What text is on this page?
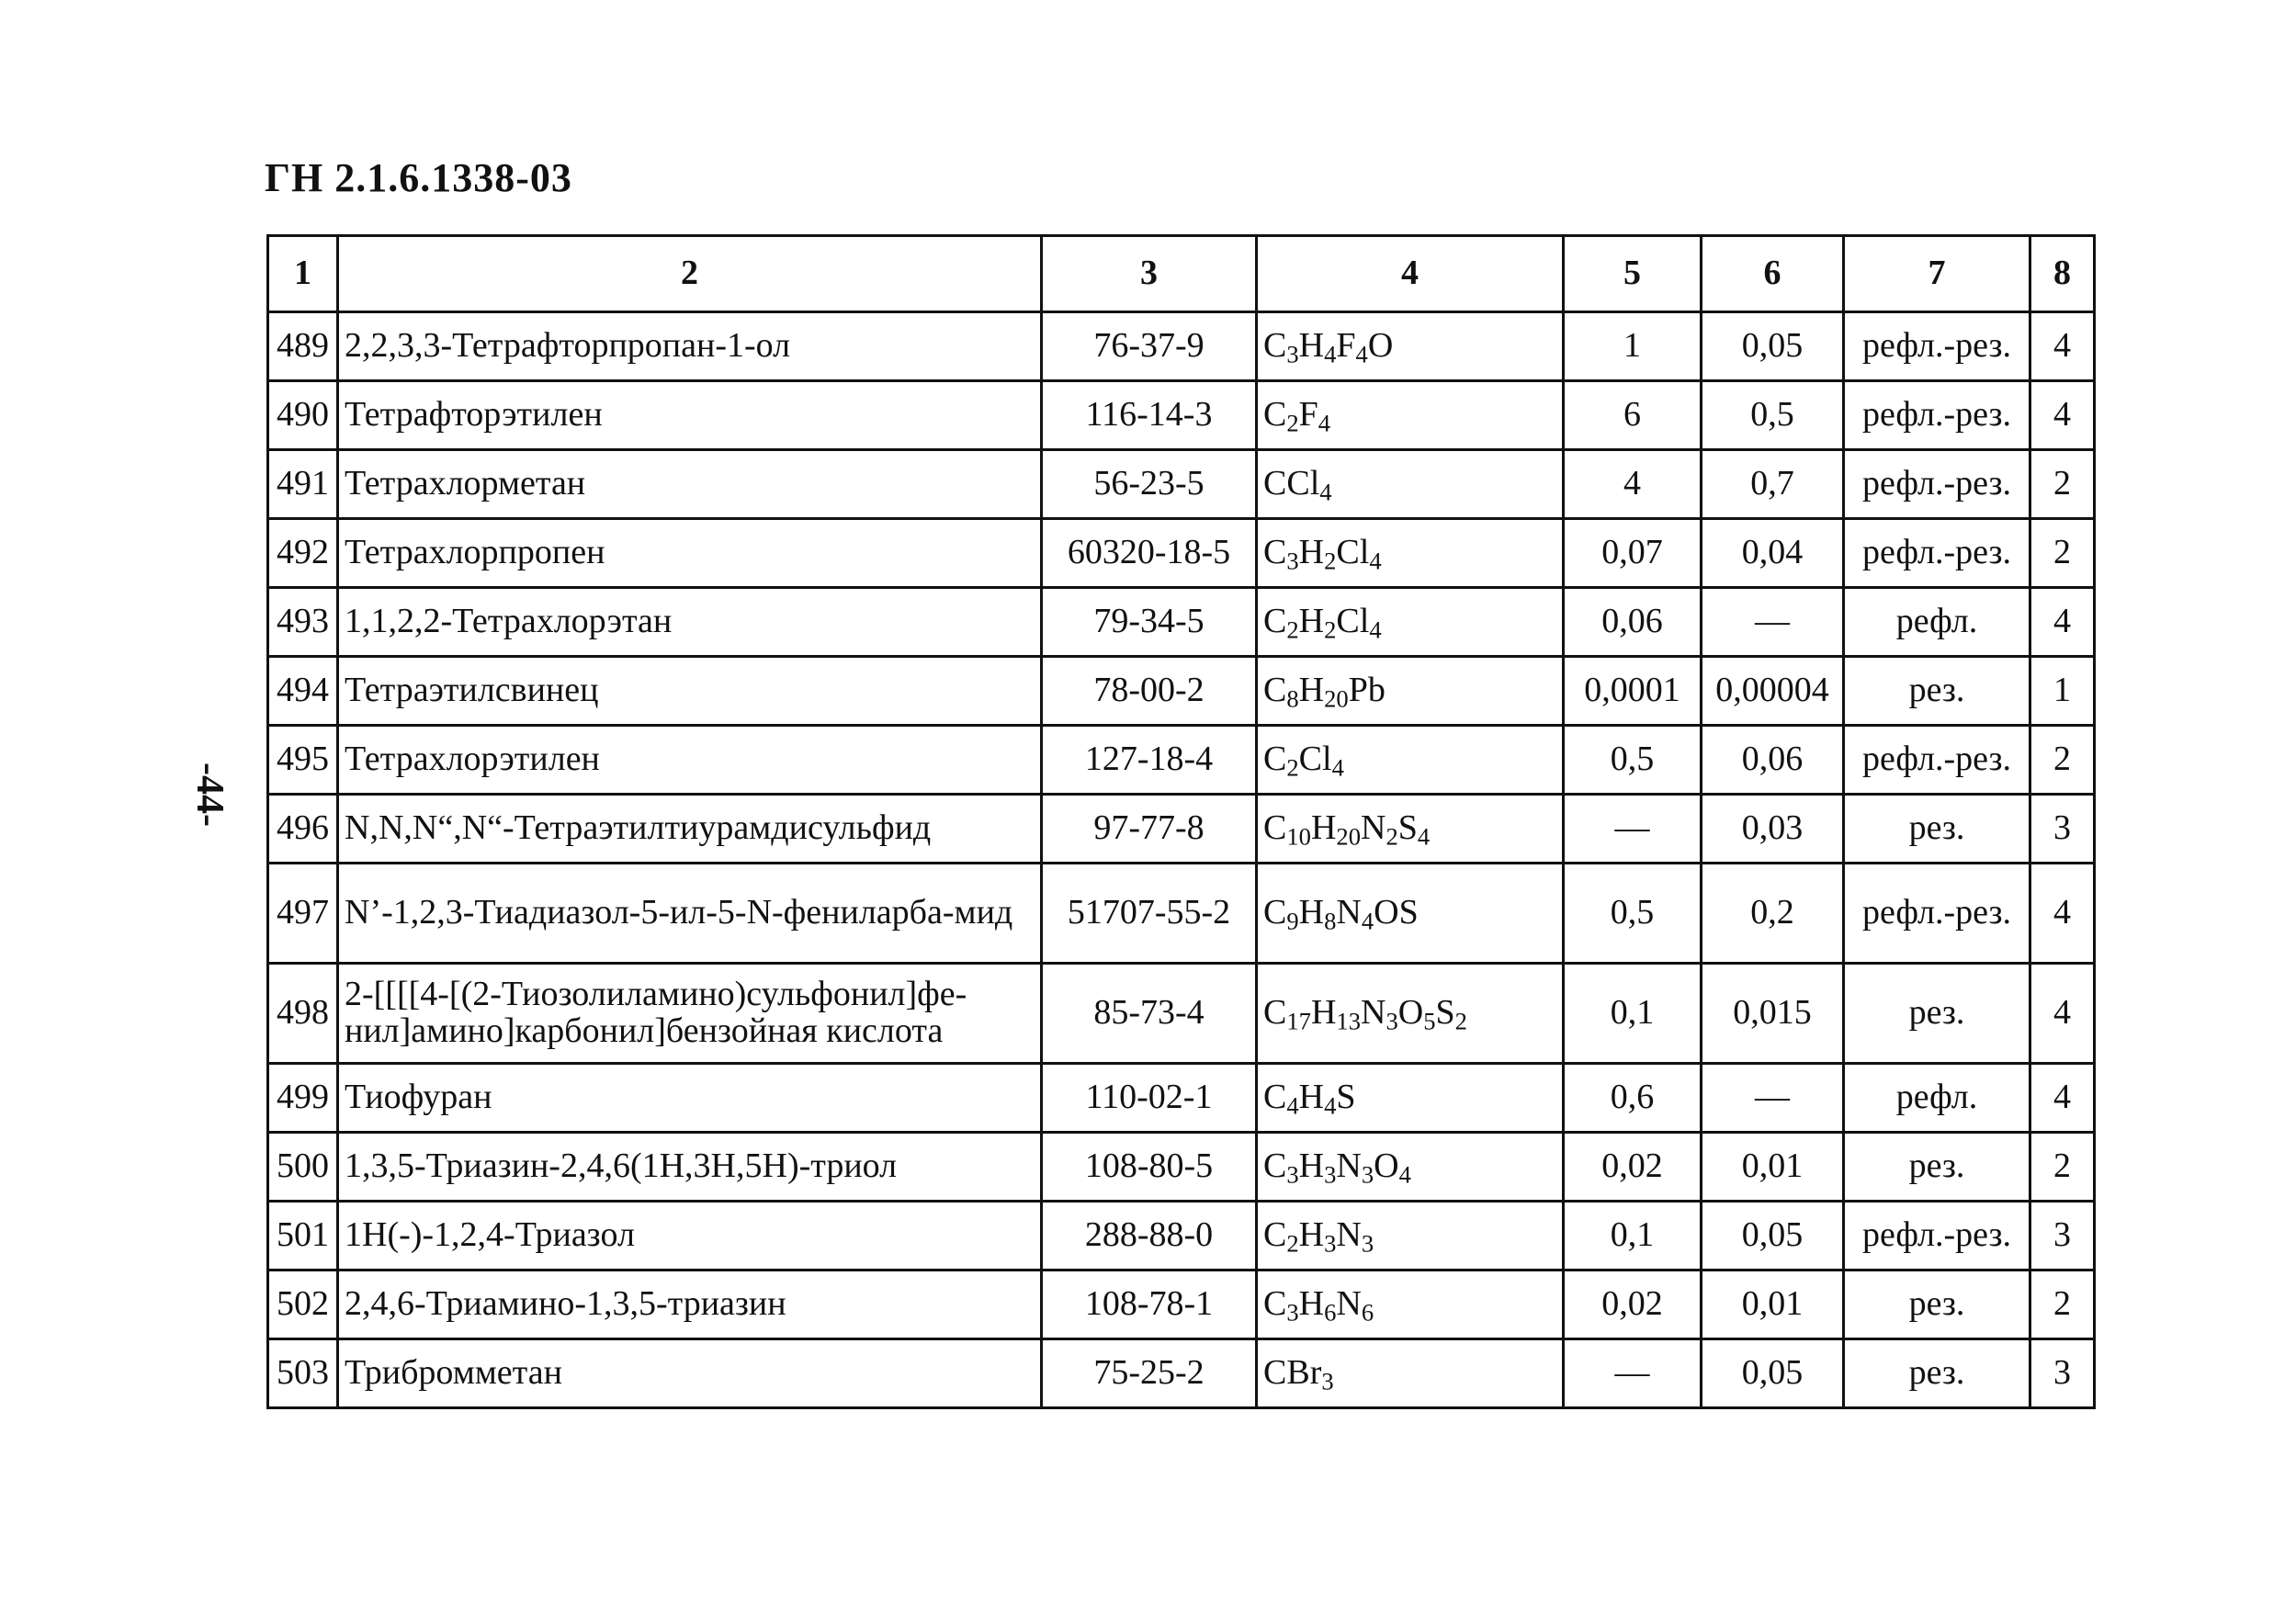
ГН 2.1.6.1338-03
-44-
1	2	3	4	5	6	7	8
489	2,2,3,3-Тетрафторпропан-1-ол	76-37-9	$C_3H_4F_4O$	1	0,05	рефл.-рез.	4
490	Тетрафторэтилен	116-14-3	$C_2F_4$	6	0,5	рефл.-рез.	4
491	Тетрахлорметан	56-23-5	CCl$_4$	4	0,7	рефл.-рез.	2
492	Тетрахлорпропен	60320-18-5	$C_3H_2Cl_4$	0,07	0,04	рефл.-рез.	2
493	1,1,2,2-Тетрахлорэтан	79-34-5	$C_2H_2Cl_4$	0,06	—	рефл.	4
494	Тетраэтилсвинец	78-00-2	$C_8H_{20}Pb$	0,0001	0,00004	рез.	1
495	Тетрахлорэтилен	127-18-4	$C_2Cl_4$	0,5	0,06	рефл.-рез.	2
496	N,N,N“,N“-Тетраэтилтиурамдисульфид	97-77-8	$C_{10}H_{20}N_2S_4$	—	0,03	рез.	3
497	N’-1,2,3-Тиадиазол-5-ил-5-N-фениларба-мид	51707-55-2	$C_9H_8N_4OS$	0,5	0,2	рефл.-рез.	4
498	2-[[[[4-[(2-Тиозолиламино)сульфонил]фе-нил]амино]карбонил]бензойная кислота	85-73-4	$C_{17}H_{13}N_3O_5S_2$	0,1	0,015	рез.	4
499	Тиофуран	110-02-1	$C_4H_4S$	0,6	—	рефл.	4
500	1,3,5-Триазин-2,4,6(1H,3H,5H)-триол	108-80-5	$C_3H_3N_3O_4$	0,02	0,01	рез.	2
501	1H(-)-1,2,4-Триазол	288-88-0	$C_2H_3N_3$	0,1	0,05	рефл.-рез.	3
502	2,4,6-Триамино-1,3,5-триазин	108-78-1	$C_3H_6N_6$	0,02	0,01	рез.	2
503	Трибромметан	75-25-2	CBr$_3$	—	0,05	рез.	3
